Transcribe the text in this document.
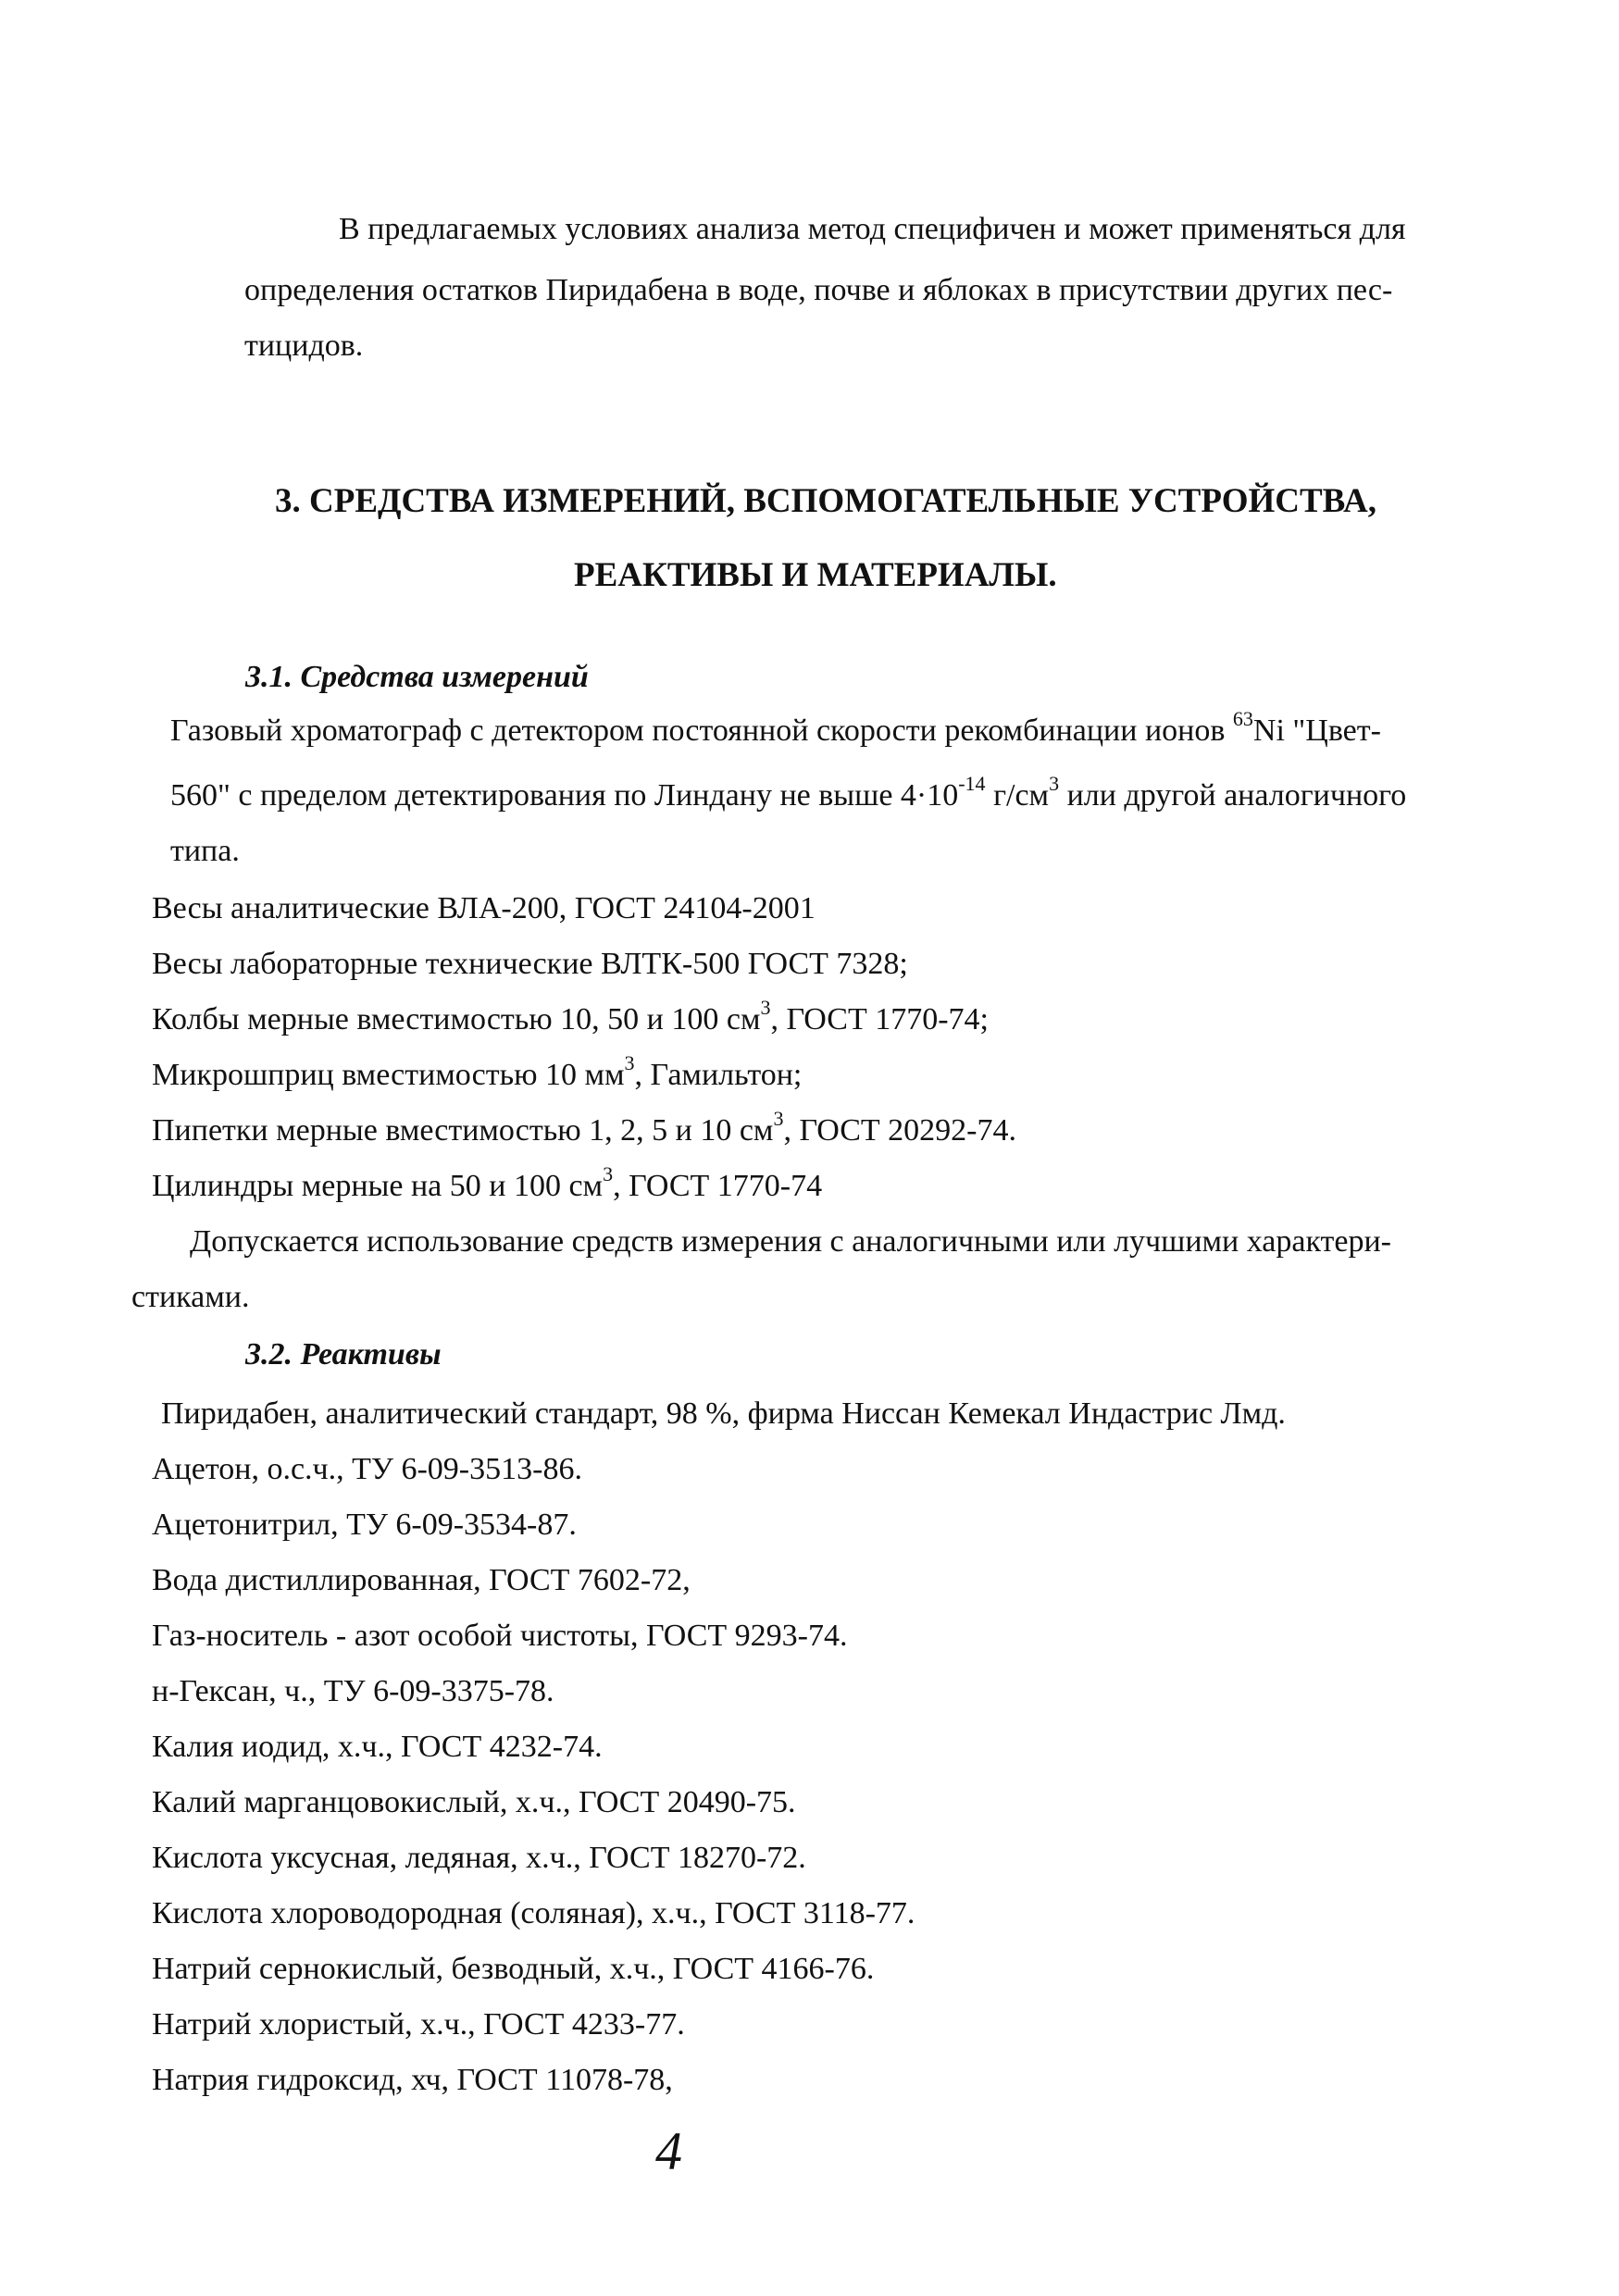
В предлагаемых условиях анализа метод специфичен и может применяться для
определения остатков Пиридабена в воде, почве и яблоках в присутствии других пес-
тицидов.
3. СРЕДСТВА ИЗМЕРЕНИЙ, ВСПОМОГАТЕЛЬНЫЕ УСТРОЙСТВА,
РЕАКТИВЫ И МАТЕРИАЛЫ.
3.1. Средства измерений
Газовый хроматограф с детектором постоянной скорости рекомбинации ионов $^{63}$Ni "Цвет-
560" с пределом детектирования по Линдану не выше $4\cdot 10^{-14}$ $г/см^3$ или другой аналогичного
типа.
Весы аналитические ВЛА-200, ГОСТ 24104-2001
Весы лабораторные технические ВЛТК-500 ГОСТ 7328;
Колбы мерные вместимостью 10, 50 и 100 $см^3$, ГОСТ 1770-74;
Микрошприц вместимостью 10 $мм^3$, Гамильтон;
Пипетки мерные вместимостью 1, 2, 5 и 10 $см^3$, ГОСТ 20292-74.
Цилиндры мерные на 50 и 100 $см^3$, ГОСТ 1770-74
Допускается использование средств измерения с аналогичными или лучшими характери-
стиками.
3.2. Реактивы
Пиридабен, аналитический стандарт, 98 %, фирма Ниссан Кемекал Индастрис Лмд.
Ацетон, о.с.ч., ТУ 6-09-3513-86.
Ацетонитрил, ТУ 6-09-3534-87.
Вода дистиллированная, ГОСТ 7602-72,
Газ-носитель - азот особой чистоты, ГОСТ 9293-74.
н-Гексан, ч., ТУ 6-09-3375-78.
Калия иодид, х.ч., ГОСТ 4232-74.
Калий марганцовокислый, х.ч., ГОСТ 20490-75.
Кислота уксусная, ледяная, х.ч., ГОСТ 18270-72.
Кислота хлороводородная (соляная), х.ч., ГОСТ 3118-77.
Натрий сернокислый, безводный, х.ч., ГОСТ 4166-76.
Натрий хлористый, х.ч., ГОСТ 4233-77.
Натрия гидроксид, хч, ГОСТ 11078-78,
4
